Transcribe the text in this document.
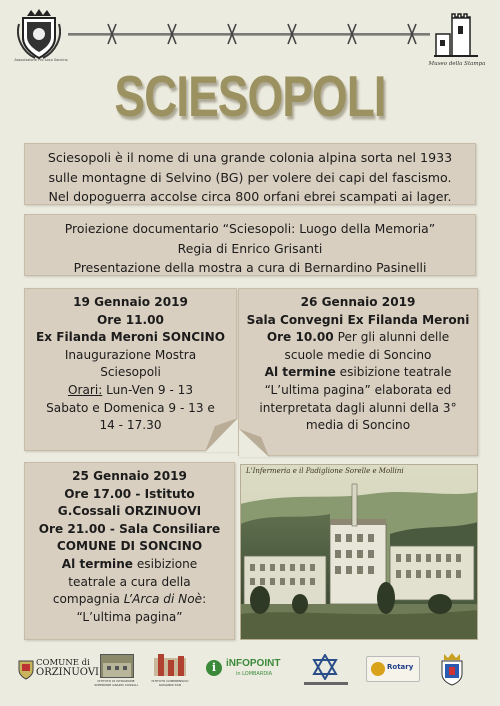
Associazione Pro Loco Soncino
Museo della Stampa
SCIESOPOLI
Sciesopoli è il nome di una grande colonia alpina sorta nel 1933
sulle montagne di Selvino (BG) per volere dei capi del fascismo.
Nel dopoguerra accolse circa 800 orfani ebrei scampati ai lager.
Proiezione documentario “Sciesopoli: Luogo della Memoria”
Regia di Enrico Grisanti
Presentazione della mostra a cura di Bernardino Pasinelli
19 Gennaio 2019
Ore 11.00
Ex Filanda Meroni SONCINO
Inaugurazione Mostra
Sciesopoli
Orari: Lun-Ven 9 - 13
Sabato e Domenica 9 - 13 e
14 - 17.30
26 Gennaio 2019
Sala Convegni Ex Filanda Meroni
Ore 10.00 Per gli alunni delle
scuole medie di Soncino
Al termine esibizione teatrale
“L’ultima pagina” elaborata ed
interpretata dagli alunni della 3°
media di Soncino
25 Gennaio 2019
Ore 17.00 - Istituto
G.Cossali ORZINUOVI
Ore 21.00 - Sala Consiliare
COMUNE DI SONCINO
Al termine esibizione
teatrale a cura della
compagnia L’Arca di Noè:
“L’ultima pagina”
L'Infermeria e il Padiglione Sorelle e Mollini
COMUNE di
ORZINUOVI
ISTITUTO DI ISTRUZIONE SUPERIORE GRAZIO COSSALI
ISTITUTO COMPRENSIVO GIOVANNI XXIII
i iNFOPOINT
in LOMBARDIA
Rotary
